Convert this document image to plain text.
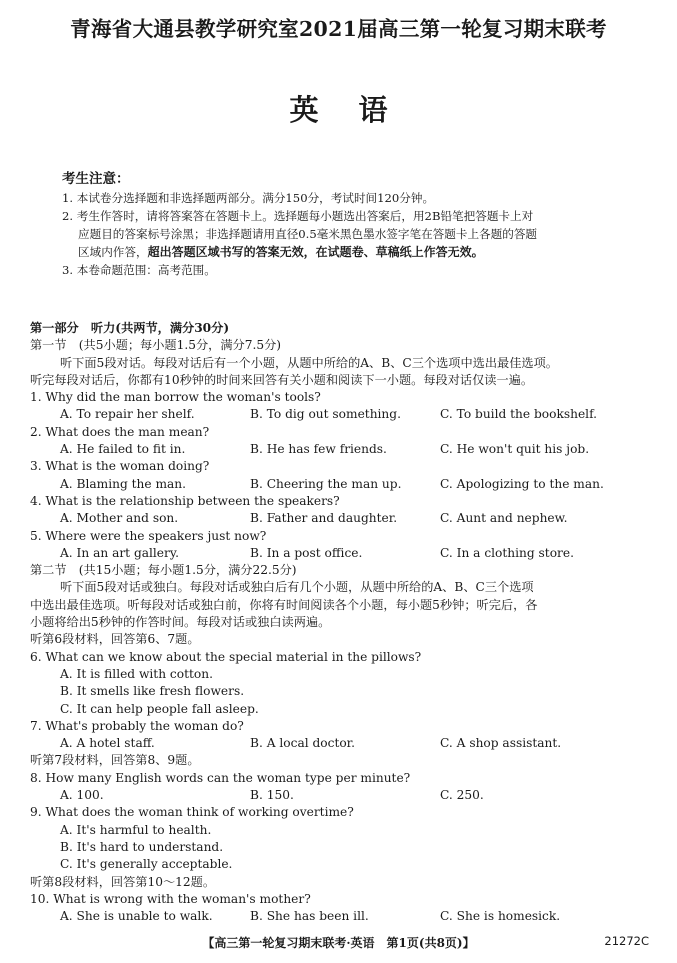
青海省大通县教学研究室2021届高三第一轮复习期末联考
英语
考生注意：
1. 本试卷分选择题和非选择题两部分。满分150分，考试时间120分钟。
2. 考生作答时，请将答案答在答题卡上。选择题每小题选出答案后，用2B铅笔把答题卡上对
应题目的答案标号涂黑；非选择题请用直径0.5毫米黑色墨水签字笔在答题卡上各题的答题
区域内作答，超出答题区域书写的答案无效，在试题卷、草稿纸上作答无效。
3. 本卷命题范围：高考范围。
第一部分　听力(共两节，满分30分)
第一节　(共5小题；每小题1.5分，满分7.5分)
听下面5段对话。每段对话后有一个小题，从题中所给的A、B、C三个选项中选出最佳选项。
听完每段对话后，你都有10秒钟的时间来回答有关小题和阅读下一小题。每段对话仅读一遍。
1. Why did the man borrow the woman's tools?
A. To repair her shelf.	B. To dig out something.	C. To build the bookshelf.
2. What does the man mean?
A. He failed to fit in.	B. He has few friends.	C. He won't quit his job.
3. What is the woman doing?
A. Blaming the man.	B. Cheering the man up.	C. Apologizing to the man.
4. What is the relationship between the speakers?
A. Mother and son.	B. Father and daughter.	C. Aunt and nephew.
5. Where were the speakers just now?
A. In an art gallery.	B. In a post office.	C. In a clothing store.
第二节　(共15小题；每小题1.5分，满分22.5分)
听下面5段对话或独白。每段对话或独白后有几个小题，从题中所给的A、B、C三个选项
中选出最佳选项。听每段对话或独白前，你将有时间阅读各个小题，每小题5秒钟；听完后，各
小题将给出5秒钟的作答时间。每段对话或独白读两遍。
听第6段材料，回答第6、7题。
6. What can we know about the special material in the pillows?
A. It is filled with cotton.
B. It smells like fresh flowers.
C. It can help people fall asleep.
7. What's probably the woman do?
A. A hotel staff.	B. A local doctor.	C. A shop assistant.
听第7段材料，回答第8、9题。
8. How many English words can the woman type per minute?
A. 100.	B. 150.	C. 250.
9. What does the woman think of working overtime?
A. It's harmful to health.
B. It's hard to understand.
C. It's generally acceptable.
听第8段材料，回答第10～12题。
10. What is wrong with the woman's mother?
A. She is unable to walk.	B. She has been ill.	C. She is homesick.
【高三第一轮复习期末联考·英语　第1页(共8页)】	21272C
